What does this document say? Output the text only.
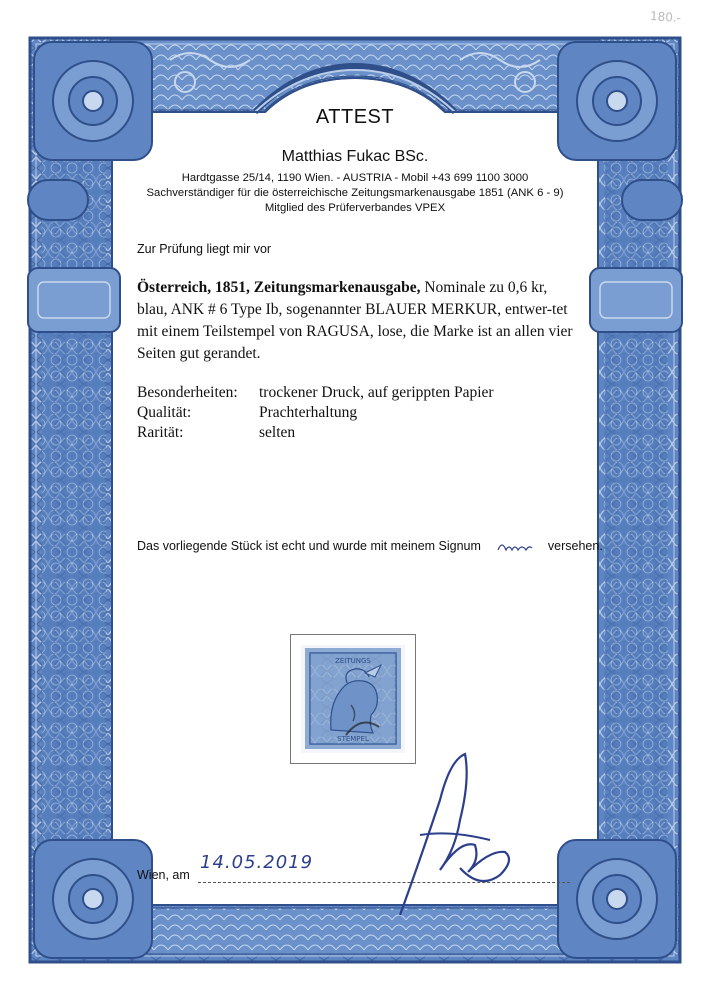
180.-
ATTEST
Matthias Fukac BSc.
Hardtgasse 25/14, 1190 Wien. - AUSTRIA - Mobil +43 699 1100 3000
Sachverständiger für die österreichische Zeitungsmarkenausgabe 1851 (ANK 6 - 9)
Mitglied des Prüferverbandes VPEX
Zur Prüfung liegt mir vor
Österreich, 1851, Zeitungsmarkenausgabe, Nominale zu 0,6 kr, blau, ANK # 6 Type Ib, sogenannter BLAUER MERKUR, entwer-tet mit einem Teilstempel von RAGUSA, lose, die Marke ist an allen vier Seiten gut gerandet.
Besonderheiten: trockener Druck, auf gerippten Papier
Qualität:	Prachterhaltung
Rarität:	selten
Das vorliegende Stück ist echt und wurde mit meinem Signum	versehen.
ZEITUNGS
STEMPEL
Wien, am
14.05.2019
